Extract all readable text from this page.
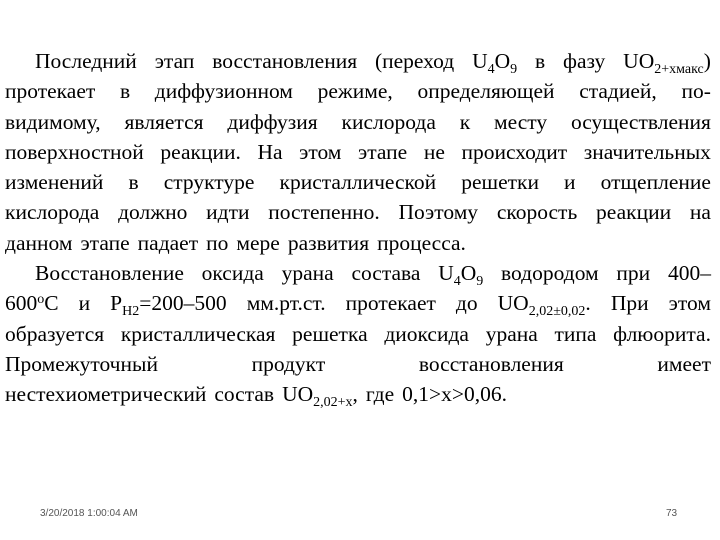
Последний этап восстановления (переход $U_4O_9$ в фазу $UO_{2+xмакс}$)
протекает в диффузионном режиме, определяющей стадией, по-
видимому, является диффузия кислорода к месту осуществления
поверхностной реакции. На этом этапе не происходит значительных
изменений в структуре кристаллической решетки и отщепление
кислорода должно идти постепенно. Поэтому скорость реакции на
данном этапе падает по мере развития процесса.
Восстановление оксида урана состава $U_4O_9$ водородом при 400–
$600^оС$ и $P_{H2}=200-500$ мм.рт.ст. протекает до $UO_{2,02\pm 0,02}$. При этом
образуется кристаллическая решетка диоксида урана типа флюорита.
Промежуточный	продукт	восстановления	имеет
нестехиометрический состав $UO_{2,02+x}$, где 0,1>x>0,06.
3/20/2018 1:00:04 AM	73
